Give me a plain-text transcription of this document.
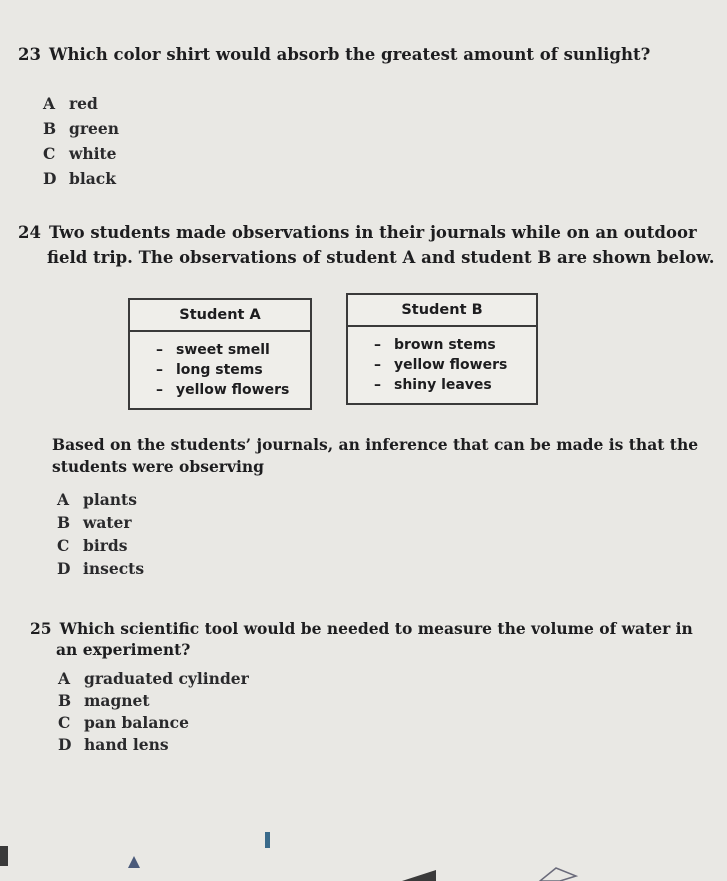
23 Which color shirt would absorb the greatest amount of sunlight?
A red
B green
C white
D black
24 Two students made observations in their journals while on an outdoor
field trip. The observations of student A and student B are shown below.
Student A
– sweet smell
– long stems
– yellow flowers
Student B
– brown stems
– yellow flowers
– shiny leaves
Based on the students’ journals, an inference that can be made is that the
students were observing
A plants
B water
C birds
D insects
25 Which scientific tool would be needed to measure the volume of water in
an experiment?
A graduated cylinder
B magnet
C pan balance
D hand lens
